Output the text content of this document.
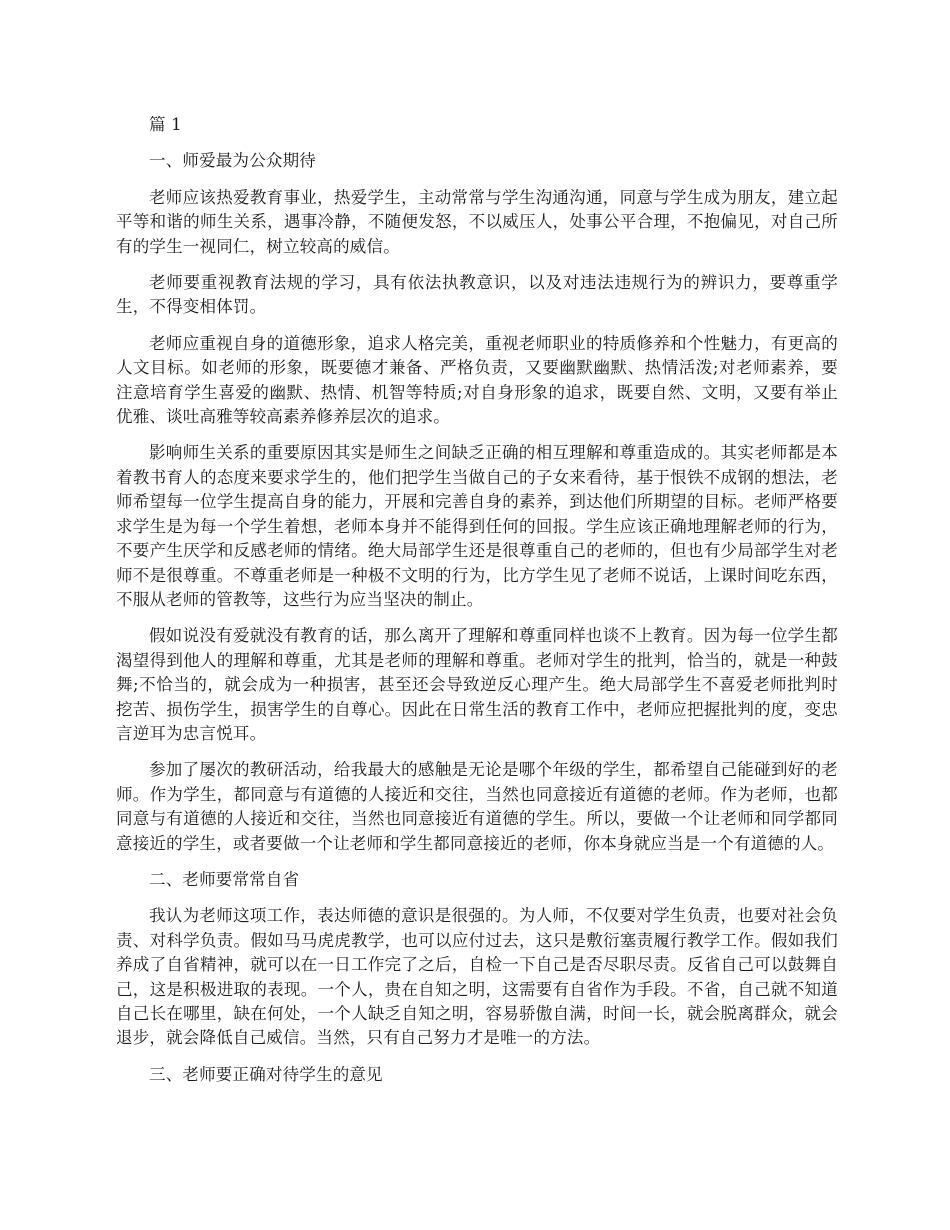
篇 1

一、师爱最为公众期待

老师应该热爱教育事业，热爱学生，主动常常与学生沟通沟通，同意与学生成为朋友，建立起平等和谐的师生关系，遇事冷静，不随便发怒，不以威压人，处事公平合理，不抱偏见，对自己所有的学生一视同仁，树立较高的威信。

老师要重视教育法规的学习，具有依法执教意识，以及对违法违规行为的辨识力，要尊重学生，不得变相体罚。

老师应重视自身的道德形象，追求人格完美，重视老师职业的特质修养和个性魅力，有更高的人文目标。如老师的形象，既要德才兼备、严格负责，又要幽默幽默、热情活泼;对老师素养，要注意培育学生喜爱的幽默、热情、机智等特质;对自身形象的追求，既要自然、文明，又要有举止优雅、谈吐高雅等较高素养修养层次的追求。

影响师生关系的重要原因其实是师生之间缺乏正确的相互理解和尊重造成的。其实老师都是本着教书育人的态度来要求学生的，他们把学生当做自己的子女来看待，基于恨铁不成钢的想法，老师希望每一位学生提高自身的能力，开展和完善自身的素养，到达他们所期望的目标。老师严格要求学生是为每一个学生着想，老师本身并不能得到任何的回报。学生应该正确地理解老师的行为，不要产生厌学和反感老师的情绪。绝大局部学生还是很尊重自己的老师的，但也有少局部学生对老师不是很尊重。不尊重老师是一种极不文明的行为，比方学生见了老师不说话，上课时间吃东西，不服从老师的管教等，这些行为应当坚决的制止。

假如说没有爱就没有教育的话，那么离开了理解和尊重同样也谈不上教育。因为每一位学生都渴望得到他人的理解和尊重，尤其是老师的理解和尊重。老师对学生的批判，恰当的，就是一种鼓舞;不恰当的，就会成为一种损害，甚至还会导致逆反心理产生。绝大局部学生不喜爱老师批判时挖苦、损伤学生，损害学生的自尊心。因此在日常生活的教育工作中，老师应把握批判的度，变忠言逆耳为忠言悦耳。

参加了屡次的教研活动，给我最大的感触是无论是哪个年级的学生，都希望自己能碰到好的老师。作为学生，都同意与有道德的人接近和交往，当然也同意接近有道德的老师。作为老师，也都同意与有道德的人接近和交往，当然也同意接近有道德的学生。所以，要做一个让老师和同学都同意接近的学生，或者要做一个让老师和学生都同意接近的老师，你本身就应当是一个有道德的人。

二、老师要常常自省

我认为老师这项工作，表达师德的意识是很强的。为人师，不仅要对学生负责，也要对社会负责、对科学负责。假如马马虎虎教学，也可以应付过去，这只是敷衍塞责履行教学工作。假如我们养成了自省精神，就可以在一日工作完了之后，自检一下自己是否尽职尽责。反省自己可以鼓舞自己，这是积极进取的表现。一个人，贵在自知之明，这需要有自省作为手段。不省，自己就不知道自己长在哪里，缺在何处，一个人缺乏自知之明，容易骄傲自满，时间一长，就会脱离群众，就会退步，就会降低自己威信。当然，只有自己努力才是唯一的方法。

三、老师要正确对待学生的意见
